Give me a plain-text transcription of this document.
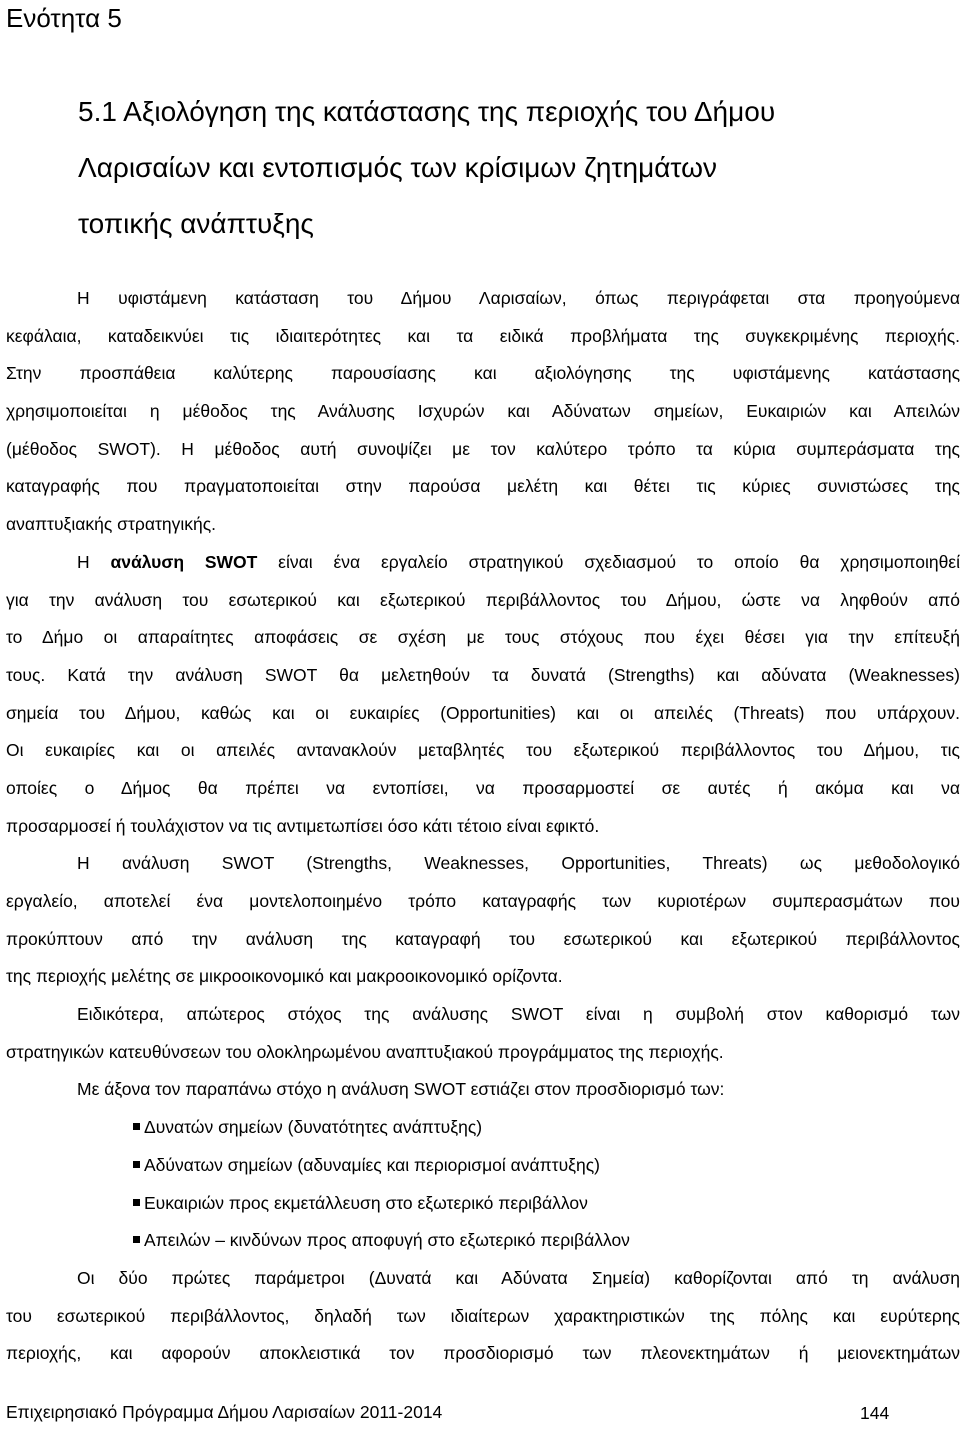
Ενότητα 5
5.1 Αξιολόγηση της κατάστασης της περιοχής του Δήμου
Λαρισαίων και εντοπισμός των κρίσιμων ζητημάτων
τοπικής ανάπτυξης
Η υφιστάμενη κατάσταση του Δήμου Λαρισαίων, όπως περιγράφεται στα προηγούμενα
κεφάλαια, καταδεικνύει τις ιδιαιτερότητες και τα ειδικά προβλήματα της συγκεκριμένης περιοχής.
Στην προσπάθεια καλύτερης παρουσίασης και αξιολόγησης της υφιστάμενης κατάστασης
χρησιμοποιείται η μέθοδος της Ανάλυσης Ισχυρών και Αδύνατων σημείων, Ευκαιριών και Απειλών
(μέθοδος SWOT). Η μέθοδος αυτή συνοψίζει με τον καλύτερο τρόπο τα κύρια συμπεράσματα της
καταγραφής που πραγματοποιείται στην παρούσα μελέτη και θέτει τις κύριες συνιστώσες της
αναπτυξιακής στρατηγικής.
Η ανάλυση SWOT είναι ένα εργαλείο στρατηγικού σχεδιασμού το οποίο θα χρησιμοποιηθεί
για την ανάλυση του εσωτερικού και εξωτερικού περιβάλλοντος του Δήμου, ώστε να ληφθούν από
το Δήμο οι απαραίτητες αποφάσεις σε σχέση με τους στόχους που έχει θέσει για την επίτευξή
τους. Κατά την ανάλυση SWOT θα μελετηθούν τα δυνατά (Strengths) και αδύνατα (Weaknesses)
σημεία του Δήμου, καθώς και οι ευκαιρίες (Opportunities) και οι απειλές (Threats) που υπάρχουν.
Οι ευκαιρίες και οι απειλές αντανακλούν μεταβλητές του εξωτερικού περιβάλλοντος του Δήμου, τις
οποίες ο Δήμος θα πρέπει να εντοπίσει, να προσαρμοστεί σε αυτές ή ακόμα και να
προσαρμοσεί ή τουλάχιστον να τις αντιμετωπίσει όσο κάτι τέτοιο είναι εφικτό.
Η ανάλυση SWOT (Strengths, Weaknesses, Opportunities, Threats) ως μεθοδολογικό
εργαλείο, αποτελεί ένα μοντελοποιημένο τρόπο καταγραφής των κυριοτέρων συμπερασμάτων που
προκύπτουν από την ανάλυση της καταγραφή του εσωτερικού και εξωτερικού περιβάλλοντος
της περιοχής μελέτης σε μικροοικονομικό και μακροοικονομικό ορίζοντα.
Ειδικότερα, απώτερος στόχος της ανάλυσης SWOT είναι η συμβολή στον καθορισμό των
στρατηγικών κατευθύνσεων του ολοκληρωμένου αναπτυξιακού προγράμματος της περιοχής.
Με άξονα τον παραπάνω στόχο η ανάλυση SWOT εστιάζει στον προσδιορισμό των:
Δυνατών σημείων (δυνατότητες ανάπτυξης)
Αδύνατων σημείων (αδυναμίες και περιορισμοί ανάπτυξης)
Ευκαιριών προς εκμετάλλευση στο εξωτερικό περιβάλλον
Απειλών – κινδύνων προς αποφυγή στο εξωτερικό περιβάλλον
Οι δύο πρώτες παράμετροι (Δυνατά και Αδύνατα Σημεία) καθορίζονται από τη ανάλυση
του εσωτερικού περιβάλλοντος, δηλαδή των ιδιαίτερων χαρακτηριστικών της πόλης και ευρύτερης
περιοχής, και αφορούν αποκλειστικά τον προσδιορισμό των πλεονεκτημάτων ή μειονεκτημάτων
Επιχειρησιακό Πρόγραμμα Δήμου Λαρισαίων 2011-2014	144
